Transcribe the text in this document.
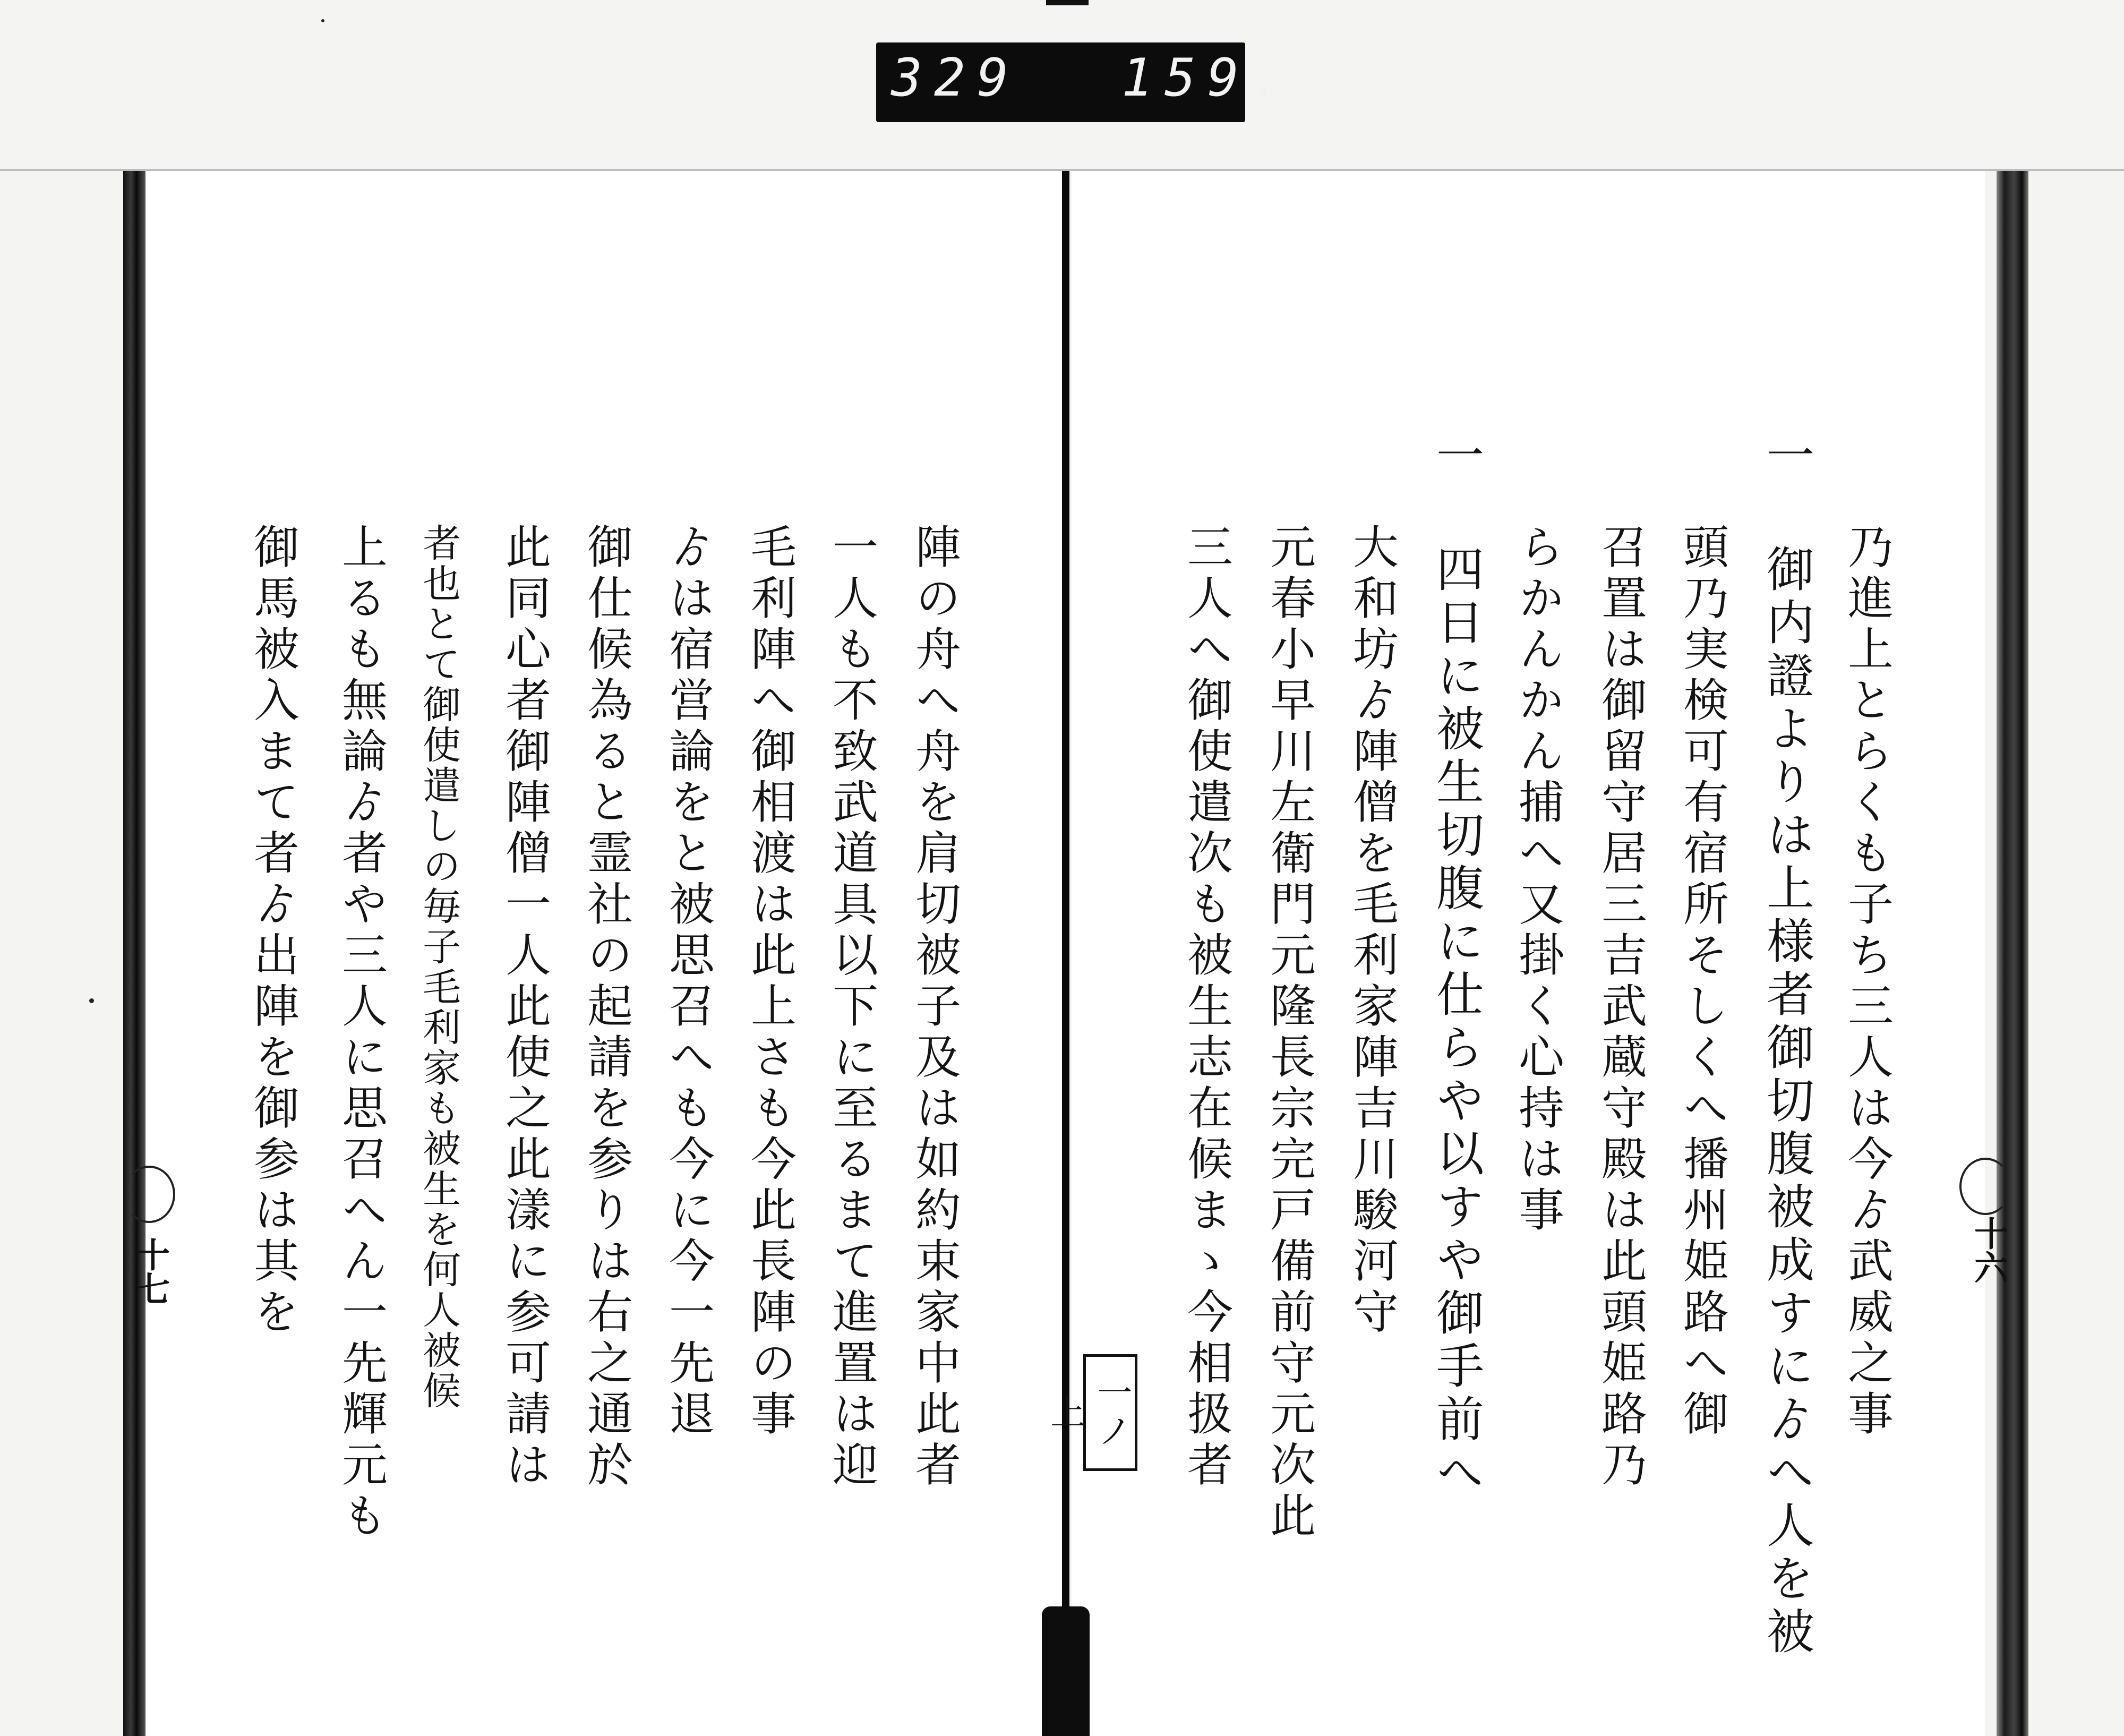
329 159.
十七	十六
乃進上とらくも子ち三人は今ゟ武威之事
一 御内證よりは上様者御切腹被成すにゟへ人を被
頭乃実検可有宿所そしくへ播州姫路へ御
召置は御留守居三吉武蔵守殿は此頭姫路乃
らかんかん捕へ又掛く心持は事
一 四日に被生切腹に仕らや以すや御手前へ
大和坊ゟ陣僧を毛利家陣吉川駿河守
元春小早川左衛門元隆長宗完戸備前守元次此
三人へ御使遣次も被生志在候まゝ今相扱者
一ノ上
陣の舟へ舟を肩切被子及は如約束家中此者
一人も不致武道具以下に至るまて進置は迎
毛利陣へ御相渡は此上さも今此長陣の事
ゟは宿営論をと被思召へも今に今一先退
御仕候為ると霊社の起請を参りは右之通於
此同心者御陣僧一人此使之此漾に参可請は
者也とて御使遣しの毎子毛利家も被生を何人被候
上るも無論ゟ者や三人に思召へん一先輝元も
御馬被入まて者ゟ出陣を御参は其を
